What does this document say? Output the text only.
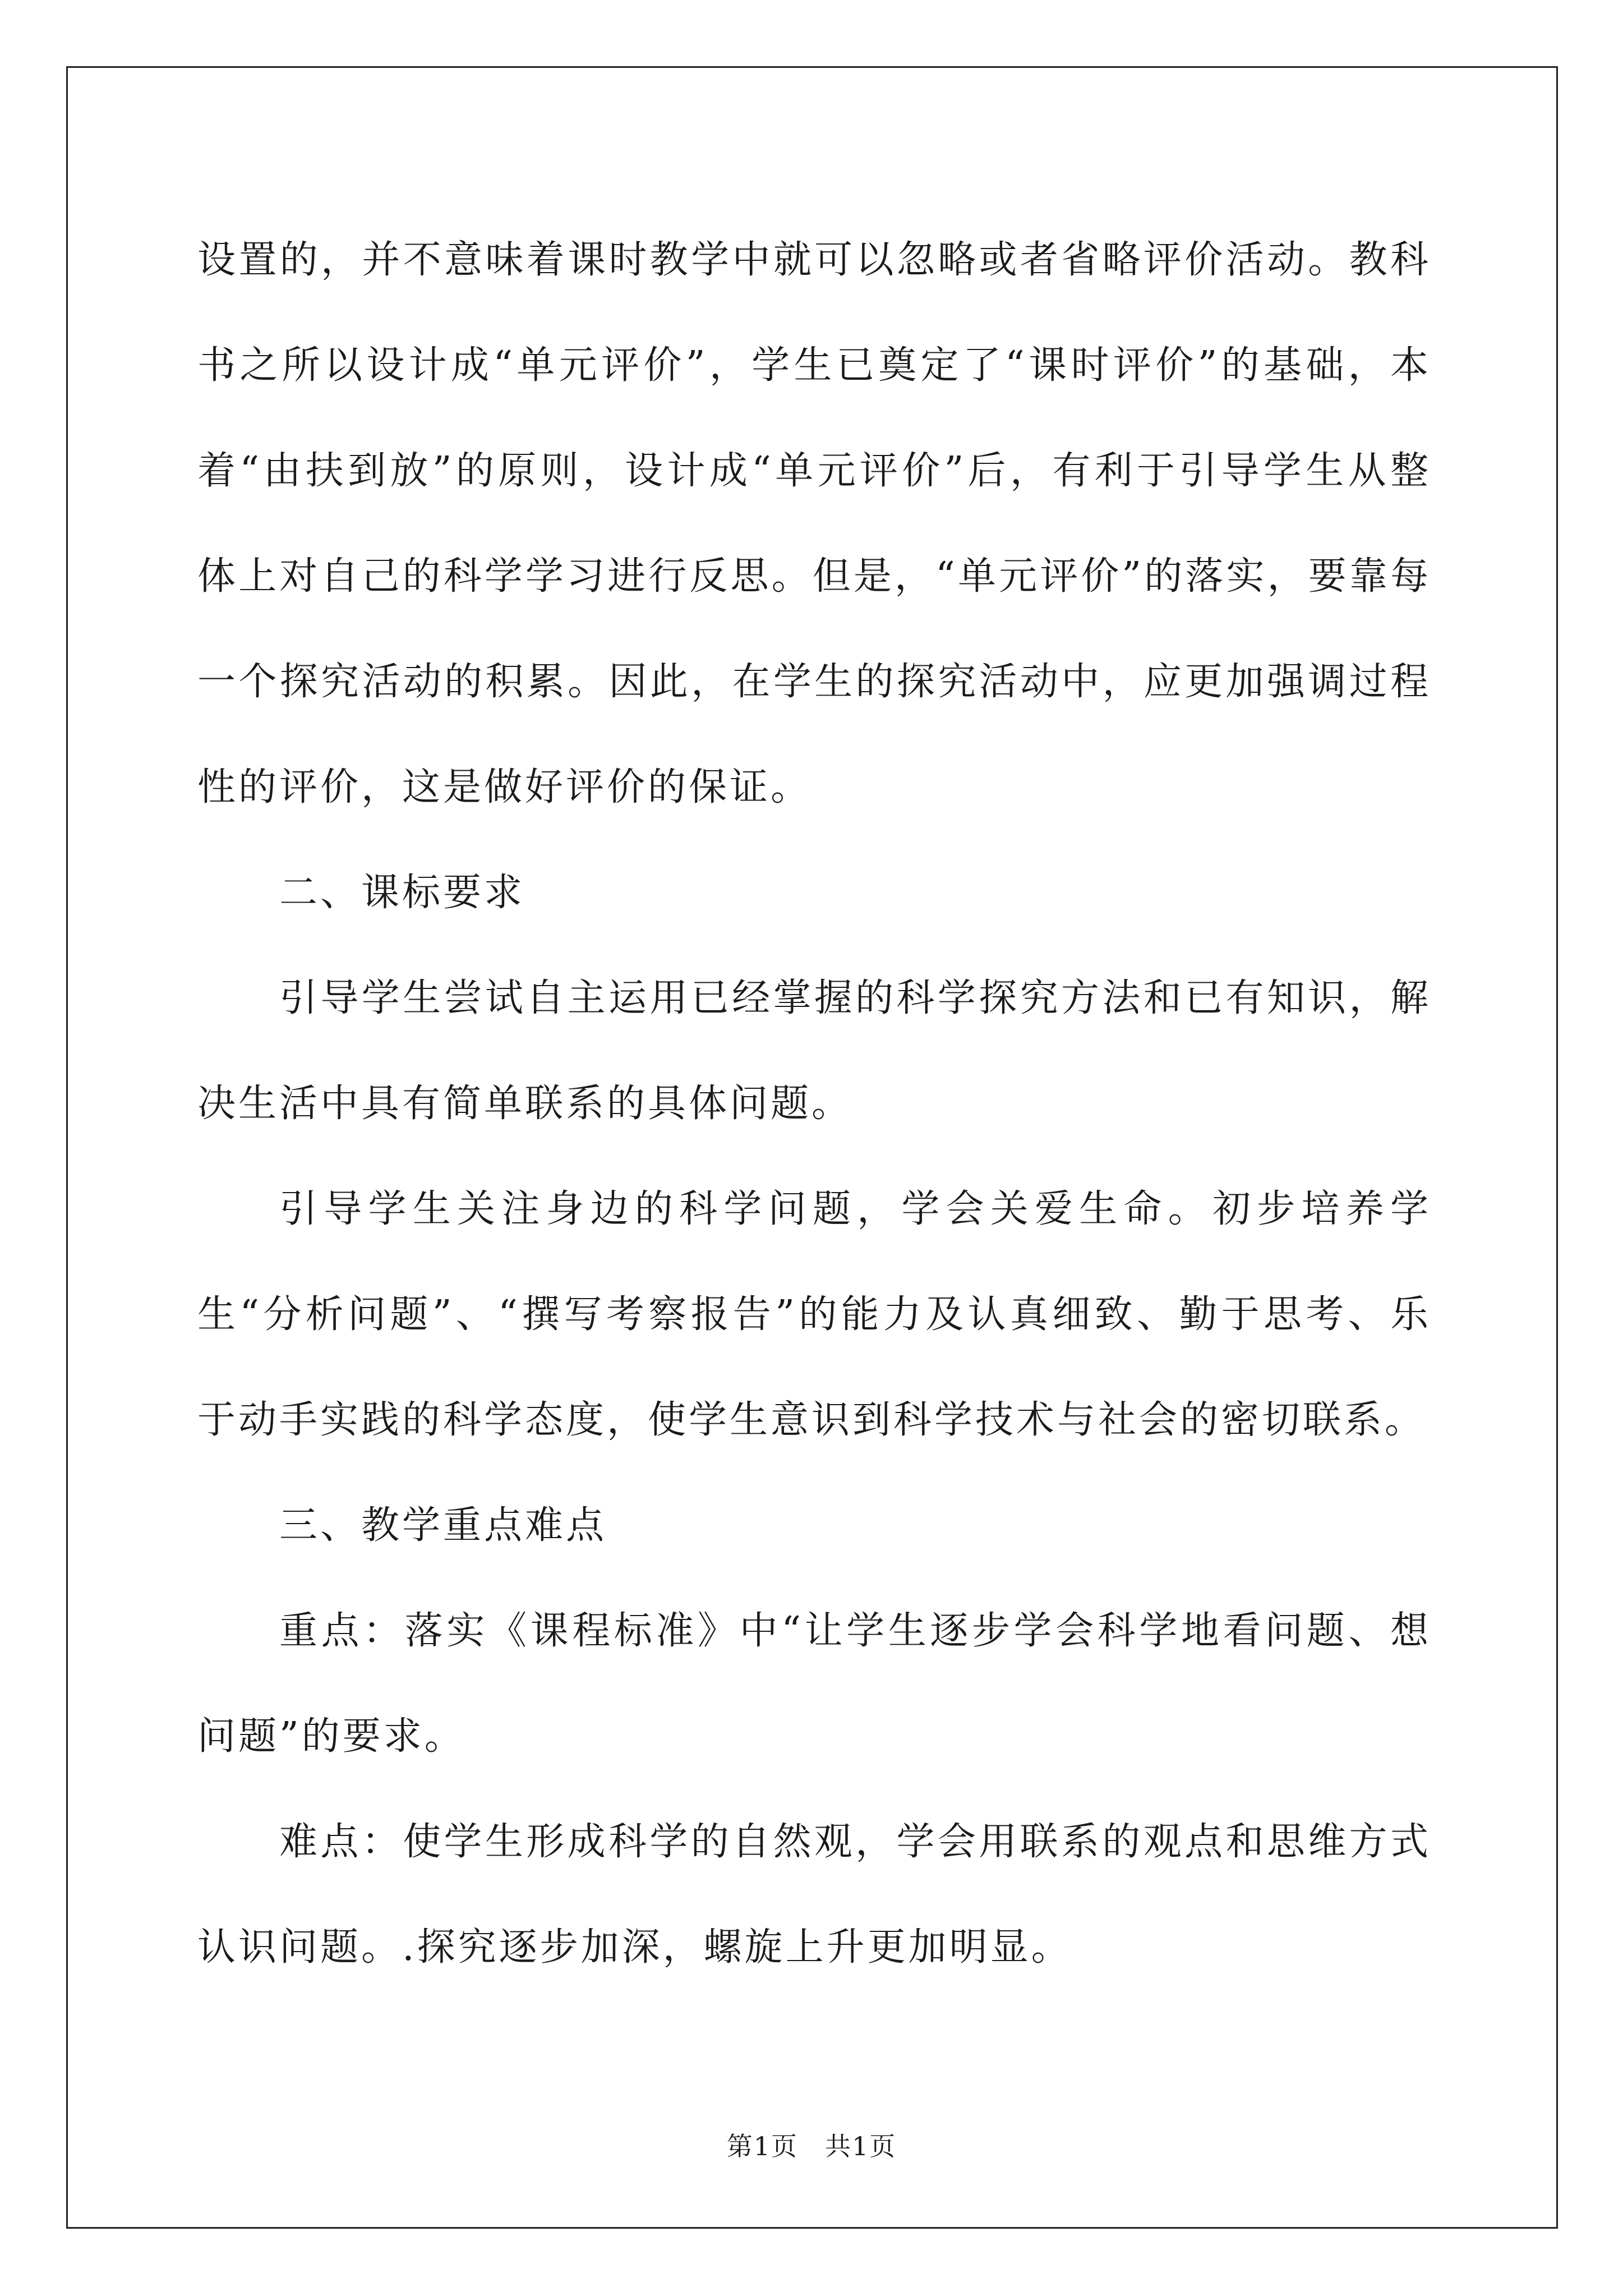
设置的，并不意味着课时教学中就可以忽略或者省略评价活动。教科书之所以设计成“单元评价”，学生已奠定了“课时评价”的基础，本着“由扶到放”的原则，设计成“单元评价”后，有利于引导学生从整体上对自己的科学学习进行反思。但是，“单元评价”的落实，要靠每一个探究活动的积累。因此，在学生的探究活动中，应更加强调过程性的评价，这是做好评价的保证。

二、课标要求

引导学生尝试自主运用已经掌握的科学探究方法和已有知识，解决生活中具有简单联系的具体问题。

引导学生关注身边的科学问题，学会关爱生命。初步培养学生“分析问题”、“撰写考察报告”的能力及认真细致、勤于思考、乐于动手实践的科学态度，使学生意识到科学技术与社会的密切联系。

三、教学重点难点

重点：落实《课程标准》中“让学生逐步学会科学地看问题、想问题”的要求。

难点：使学生形成科学的自然观，学会用联系的观点和思维方式认识问题。.探究逐步加深，螺旋上升更加明显。

第1页　共1页
